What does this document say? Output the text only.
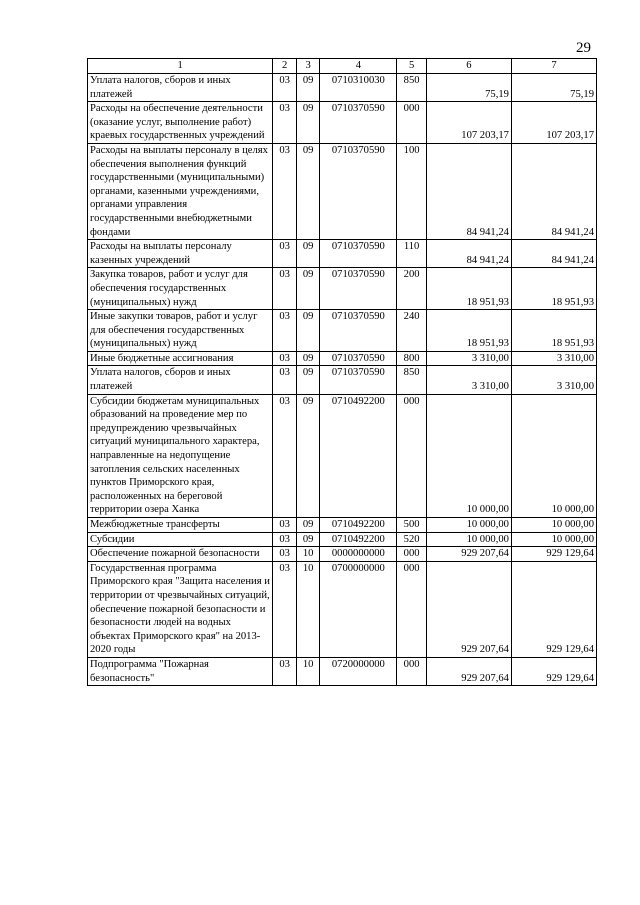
29
1	2	3	4	5	6	7
Уплата налогов, сборов и иных платежей	03	09	0710310030	850	75,19	75,19
Расходы на обеспечение деятельности (оказание услуг, выполнение работ) краевых государственных учреждений	03	09	0710370590	000	107 203,17	107 203,17
Расходы на выплаты персоналу в целях обеспечения выполнения функций государственными (муниципальными) органами, казенными учреждениями, органами управления государственными внебюджетными фондами	03	09	0710370590	100	84 941,24	84 941,24
Расходы на выплаты персоналу казенных учреждений	03	09	0710370590	110	84 941,24	84 941,24
Закупка товаров, работ и услуг для обеспечения государственных (муниципальных) нужд	03	09	0710370590	200	18 951,93	18 951,93
Иные закупки товаров, работ и услуг для обеспечения государственных (муниципальных) нужд	03	09	0710370590	240	18 951,93	18 951,93
Иные бюджетные ассигнования	03	09	0710370590	800	3 310,00	3 310,00
Уплата налогов, сборов и иных платежей	03	09	0710370590	850	3 310,00	3 310,00
Субсидии бюджетам муниципальных образований на проведение мер по предупреждению чрезвычайных ситуаций муниципального характера, направленные на недопущение затопления сельских населенных пунктов Приморского края, расположенных на береговой территории озера Ханка	03	09	0710492200	000	10 000,00	10 000,00
Межбюджетные трансферты	03	09	0710492200	500	10 000,00	10 000,00
Субсидии	03	09	0710492200	520	10 000,00	10 000,00
Обеспечение пожарной безопасности	03	10	0000000000	000	929 207,64	929 129,64
Государственная программа Приморского края "Защита населения и территории от чрезвычайных ситуаций, обеспечение пожарной безопасности и безопасности людей на водных объектах Приморского края" на 2013-2020 годы	03	10	0700000000	000	929 207,64	929 129,64
Подпрограмма "Пожарная безопасность"	03	10	0720000000	000	929 207,64	929 129,64
